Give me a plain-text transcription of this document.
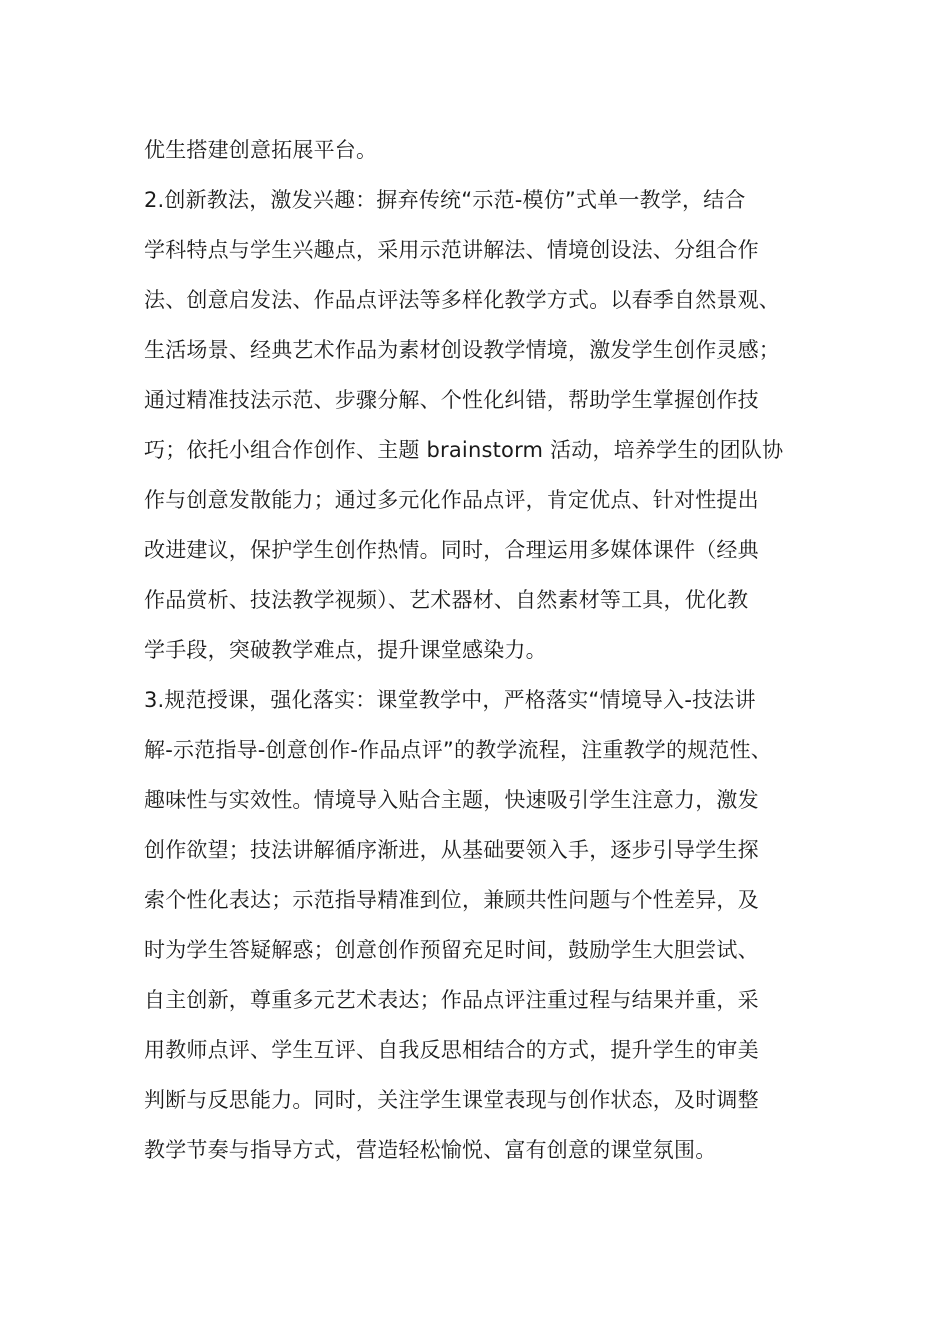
优生搭建创意拓展平台。

2.创新教法，激发兴趣：摒弃传统“示范-模仿”式单一教学，结合

学科特点与学生兴趣点，采用示范讲解法、情境创设法、分组合作

法、创意启发法、作品点评法等多样化教学方式。以春季自然景观、

生活场景、经典艺术作品为素材创设教学情境，激发学生创作灵感；

通过精准技法示范、步骤分解、个性化纠错，帮助学生掌握创作技

巧；依托小组合作创作、主题 brainstorm 活动，培养学生的团队协

作与创意发散能力；通过多元化作品点评，肯定优点、针对性提出

改进建议，保护学生创作热情。同时，合理运用多媒体课件（经典

作品赏析、技法教学视频）、艺术器材、自然素材等工具，优化教

学手段，突破教学难点，提升课堂感染力。

3.规范授课，强化落实：课堂教学中，严格落实“情境导入-技法讲

解-示范指导-创意创作-作品点评”的教学流程，注重教学的规范性、

趣味性与实效性。情境导入贴合主题，快速吸引学生注意力，激发

创作欲望；技法讲解循序渐进，从基础要领入手，逐步引导学生探

索个性化表达；示范指导精准到位，兼顾共性问题与个性差异，及

时为学生答疑解惑；创意创作预留充足时间，鼓励学生大胆尝试、

自主创新，尊重多元艺术表达；作品点评注重过程与结果并重，采

用教师点评、学生互评、自我反思相结合的方式，提升学生的审美

判断与反思能力。同时，关注学生课堂表现与创作状态，及时调整

教学节奏与指导方式，营造轻松愉悦、富有创意的课堂氛围。
